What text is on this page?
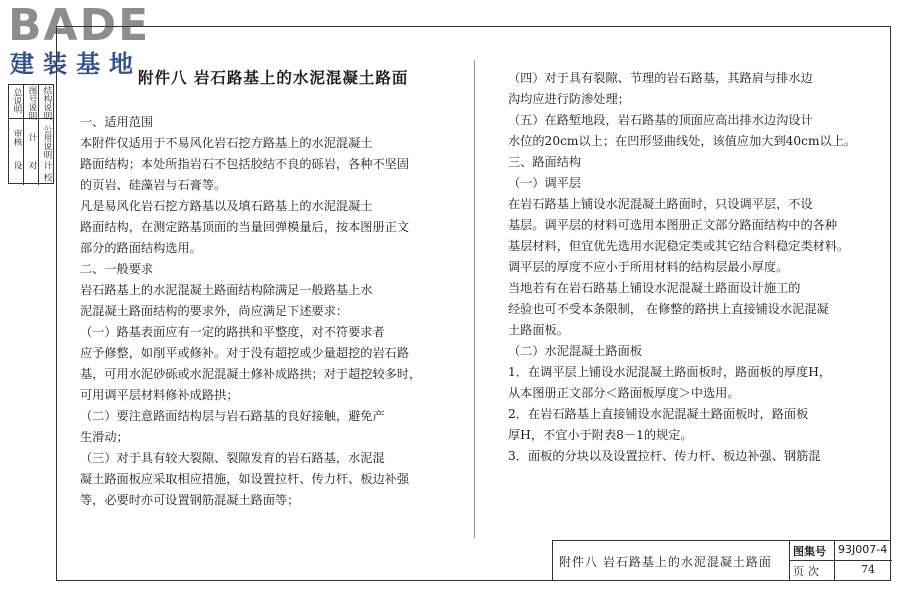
BADE
建装基地
总说明 图号说明 结构说明
公用说明
审核 计
设 对 计
校
附件八 岩石路基上的水泥混凝土路面

一、适用范围

本附件仅适用于不易风化岩石挖方路基上的水泥混凝土

路面结构；本处所指岩石不包括胶结不良的砾岩，各种不坚固

的页岩、硅藻岩与石膏等。

凡是易风化岩石挖方路基以及填石路基上的水泥混凝土

路面结构，在测定路基顶面的当量回弹模量后，按本图册正文

部分的路面结构选用。

二、一般要求

岩石路基上的水泥混凝土路面结构除满足一般路基上水

泥混凝土路面结构的要求外，尚应满足下述要求：

（一）路基表面应有一定的路拱和平整度，对不符要求者

应予修整，如削平或修补。对于没有超挖或少量超挖的岩石路

基，可用水泥砂砾或水泥混凝土修补成路拱；对于超挖较多时，

可用调平层材料修补成路拱；

（二）要注意路面结构层与岩石路基的良好接触，避免产

生滑动；

（三）对于具有较大裂隙、裂隙发育的岩石路基，水泥混

凝土路面板应采取相应措施，如设置拉杆、传力杆、板边补强

等，必要时亦可设置钢筋混凝土路面等；

（四）对于具有裂隙、节理的岩石路基，其路肩与排水边

沟均应进行防渗处理；

（五）在路堑地段，岩石路基的顶面应高出排水边沟设计

水位的20cm以上；在凹形竖曲线处，该值应加大到40cm以上。

三、路面结构

（一）调平层

在岩石路基上铺设水泥混凝土路面时，只设调平层，不设

基层。调平层的材料可选用本图册正文部分路面结构中的各种

基层材料，但宜优先选用水泥稳定类或其它结合料稳定类材料。

调平层的厚度不应小于所用材料的结构层最小厚度。

当地若有在岩石路基上铺设水泥混凝土路面设计施工的

经验也可不受本条限制， 在修整的路拱上直接铺设水泥混凝

土路面板。

（二）水泥混凝土路面板

1．在调平层上铺设水泥混凝土路面板时，路面板的厚度H，

从本图册正文部分＜路面板厚度＞中选用。

2．在岩石路基上直接铺设水泥混凝土路面板时，路面板

厚H，不宜小于附表8－1的规定。

3．面板的分块以及设置拉杆、传力杆、板边补强、钢筋混

附件八 岩石路基上的水泥混凝土路面
图集号 93J007-4
页次	74
